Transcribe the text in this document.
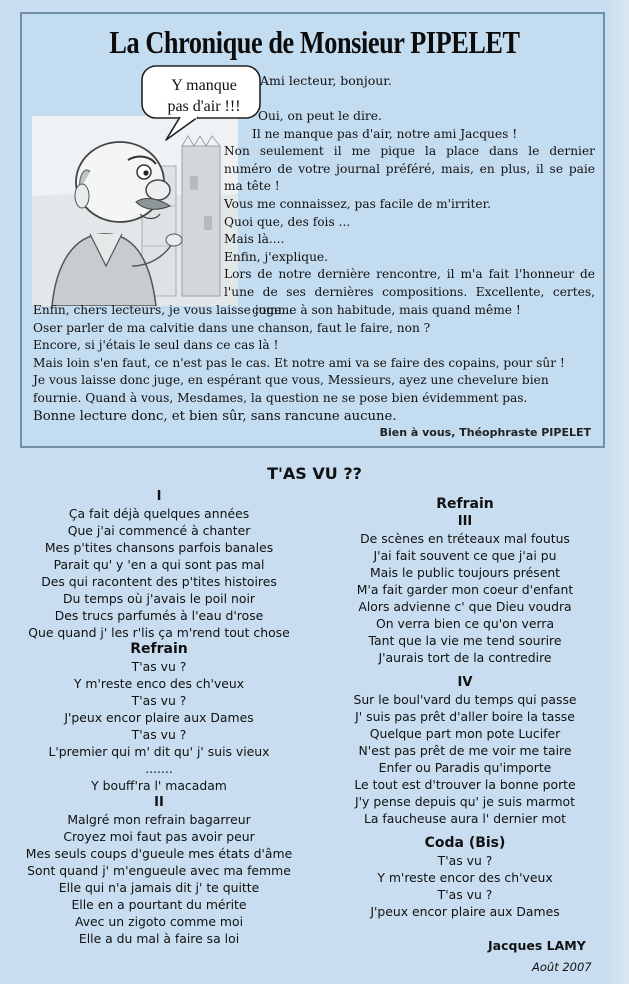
La Chronique de Monsieur PIPELET
Y manque
pas d'air !!!
Ami lecteur, bonjour.
Oui, on peut le dire.
Il ne manque pas d'air, notre ami Jacques !
Non seulement il me pique la place dans le dernier
numéro de votre journal préféré, mais, en plus, il se paie
ma tête !
Vous me connaissez, pas facile de m'irriter.
Quoi que, des fois ...
Mais là....
Enfin, j'explique.
Lors de notre dernière rencontre, il m'a fait l'honneur de
l'une de ses dernières compositions. Excellente, certes,
comme à son habitude, mais quand même !
Enfin, chers lecteurs, je vous laisse juge...
Oser parler de ma calvitie dans une chanson, faut le faire, non ?
Encore, si j'étais le seul dans ce cas là !
Mais loin s'en faut, ce n'est pas le cas. Et notre ami va se faire des copains, pour sûr !
Je vous laisse donc juge, en espérant que vous, Messieurs, ayez une chevelure bien
fournie. Quand à vous, Mesdames, la question ne se pose bien évidemment pas.
Bonne lecture donc, et bien sûr, sans rancune aucune.
Bien à vous, Théophraste PIPELET
T'AS VU ??
I
Ça fait déjà quelques années
Que j'ai commencé à chanter
Mes p'tites chansons parfois banales
Parait qu' y 'en a qui sont pas mal
Des qui racontent des p'tites histoires
Du temps où j'avais le poil noir
Des trucs parfumés à l'eau d'rose
Que quand j' les r'lis ça m'rend tout chose
Refrain
T'as vu ?
Y m'reste enco des ch'veux
T'as vu ?
J'peux encor plaire aux Dames
T'as vu ?
L'premier qui m' dit qu' j' suis vieux
.......
Y bouff'ra l' macadam
II
Malgré mon refrain bagarreur
Croyez moi faut pas avoir peur
Mes seuls coups d'gueule mes états d'âme
Sont quand j' m'engueule avec ma femme
Elle qui n'a jamais dit j' te quitte
Elle en a pourtant du mérite
Avec un zigoto comme moi
Elle a du mal à faire sa loi
Refrain
III
De scènes en tréteaux mal foutus
J'ai fait souvent ce que j'ai pu
Mais le public toujours présent
M'a fait garder mon coeur d'enfant
Alors advienne c' que Dieu voudra
On verra bien ce qu'on verra
Tant que la vie me tend sourire
J'aurais tort de la contredire
IV
Sur le boul'vard du temps qui passe
J' suis pas prêt d'aller boire la tasse
Quelque part mon pote Lucifer
N'est pas prêt de me voir me taire
Enfer ou Paradis qu'importe
Le tout est d'trouver la bonne porte
J'y pense depuis qu' je suis marmot
La faucheuse aura l' dernier mot
Coda (Bis)
T'as vu ?
Y m'reste encor des ch'veux
T'as vu ?
J'peux encor plaire aux Dames
Jacques LAMY
Août 2007
